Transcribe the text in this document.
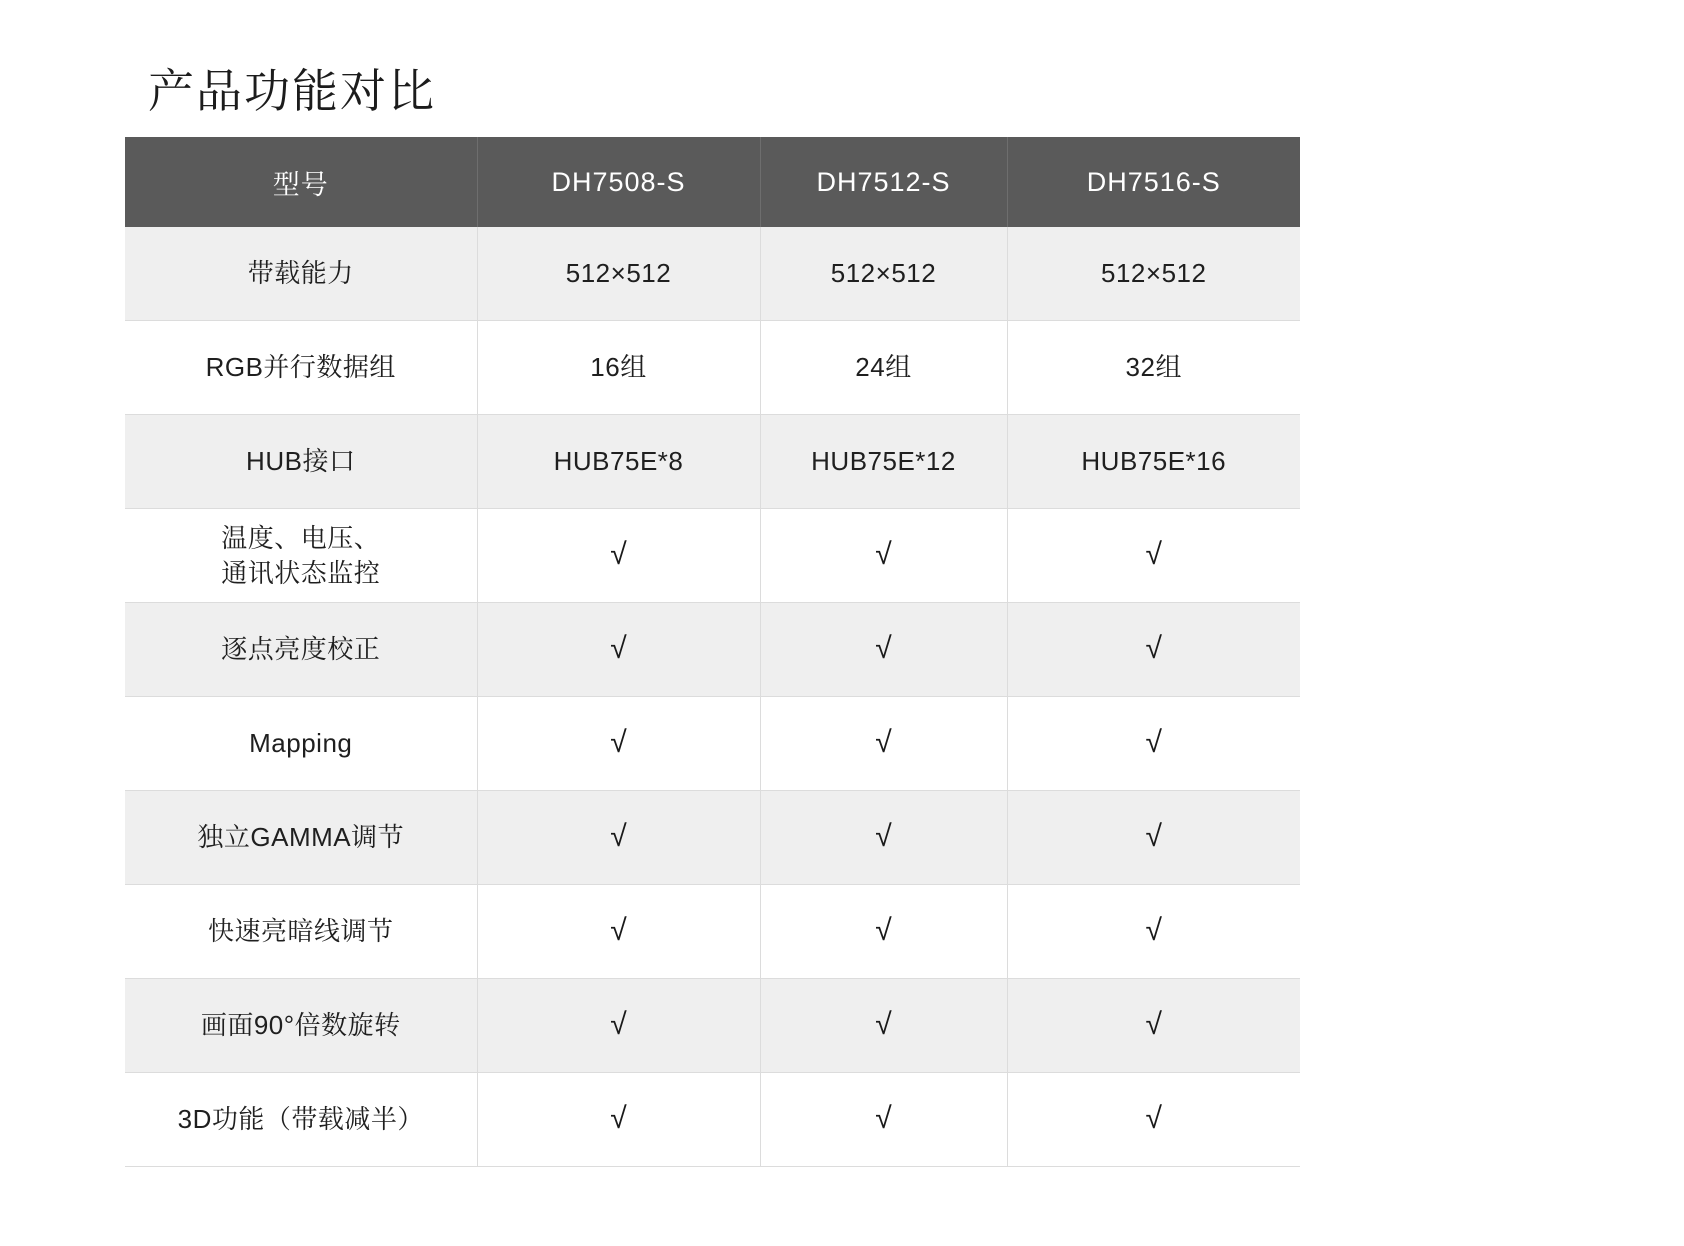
产品功能对比
型号	DH7508-S	DH7512-S	DH7516-S
带载能力	512×512	512×512	512×512
RGB并行数据组	16组	24组	32组
HUB接口	HUB75E*8	HUB75E*12	HUB75E*16

温度、电压、
通讯状态监控	√	√	√
逐点亮度校正	√	√	√
Mapping	√	√	√
独立GAMMA调节	√	√	√
快速亮暗线调节	√	√	√
画面90°倍数旋转	√	√	√
3D功能（带载减半）	√	√	√
